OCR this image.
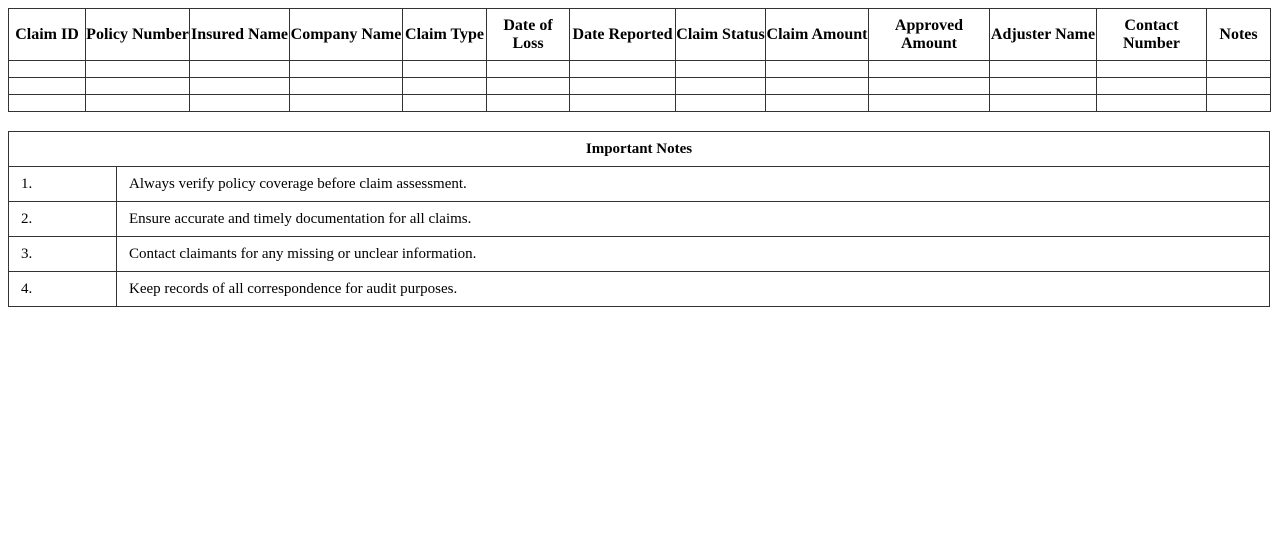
Claim ID	Policy Number	Insured Name	Company Name	Claim Type	Date of Loss	Date Reported	Claim Status	Claim Amount	Approved Amount	Adjuster Name	Contact Number	Notes

Important Notes	
1.	Always verify policy coverage before claim assessment.
2.	Ensure accurate and timely documentation for all claims.
3.	Contact claimants for any missing or unclear information.
4.	Keep records of all correspondence for audit purposes.
